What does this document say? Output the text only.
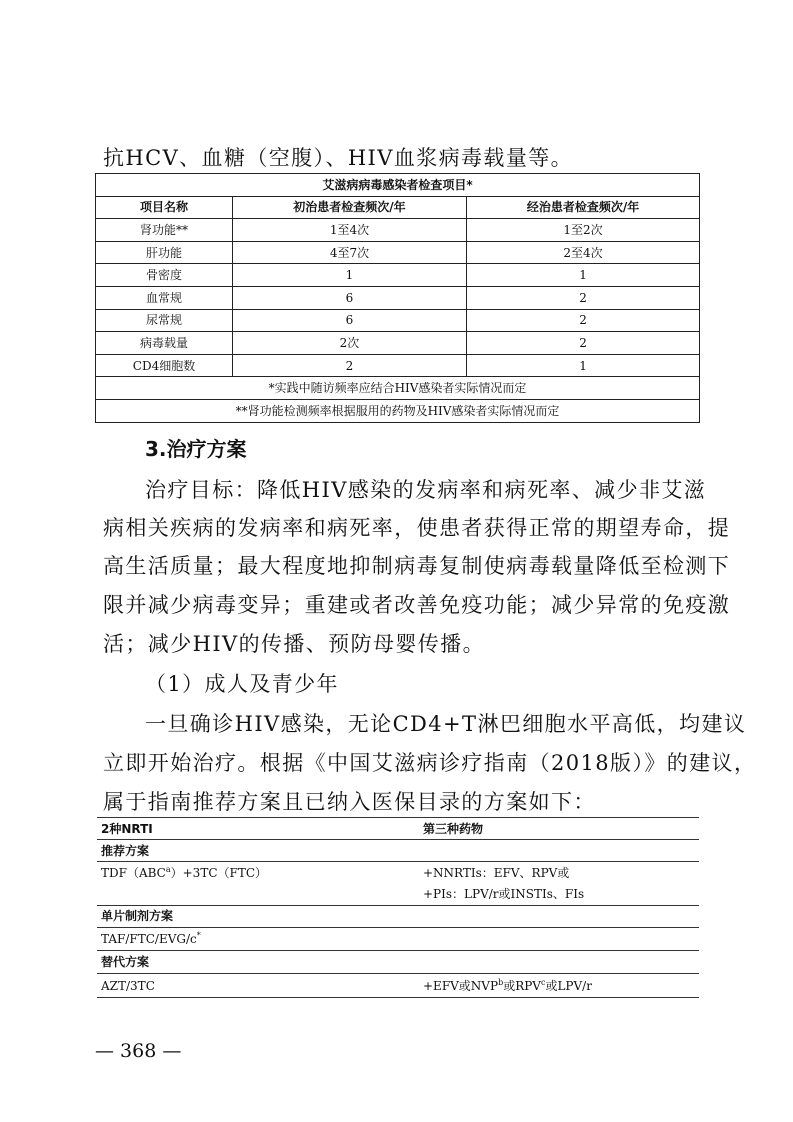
抗HCV、血糖（空腹）、HIV血浆病毒载量等。
艾滋病病毒感染者检查项目*		
项目名称	初治患者检查频次/年	经治患者检查频次/年
肾功能**	1至4次	1至2次
肝功能	4至7次	2至4次
骨密度	1	1
血常规	6	2
尿常规	6	2
病毒载量	2次	2
CD4细胞数	2	1
*实践中随访频率应结合HIV感染者实际情况而定		
**肾功能检测频率根据服用的药物及HIV感染者实际情况而定		
3.治疗方案
治疗目标：降低HIV感染的发病率和病死率、减少非艾滋
病相关疾病的发病率和病死率，使患者获得正常的期望寿命，提
高生活质量；最大程度地抑制病毒复制使病毒载量降低至检测下
限并减少病毒变异；重建或者改善免疫功能；减少异常的免疫激
活；减少HIV的传播、预防母婴传播。
（1）成人及青少年
一旦确诊HIV感染，无论CD4+T淋巴细胞水平高低，均建议
立即开始治疗。根据《中国艾滋病诊疗指南（2018版）》的建议，
属于指南推荐方案且已纳入医保目录的方案如下：
2种NRTI	第三种药物
推荐方案
$TDF(ABC^a)+3TC(FTC)$	+NNRTIs：EFV、RPV或
+PIs：LPV/r或INSTIs、FIs
单片制剂方案
TAF/FTC/EVG/c*
替代方案
AZT/3TC	+EFV或NVP$^b$或RPV$^c$或LPV/r
— 368 —
